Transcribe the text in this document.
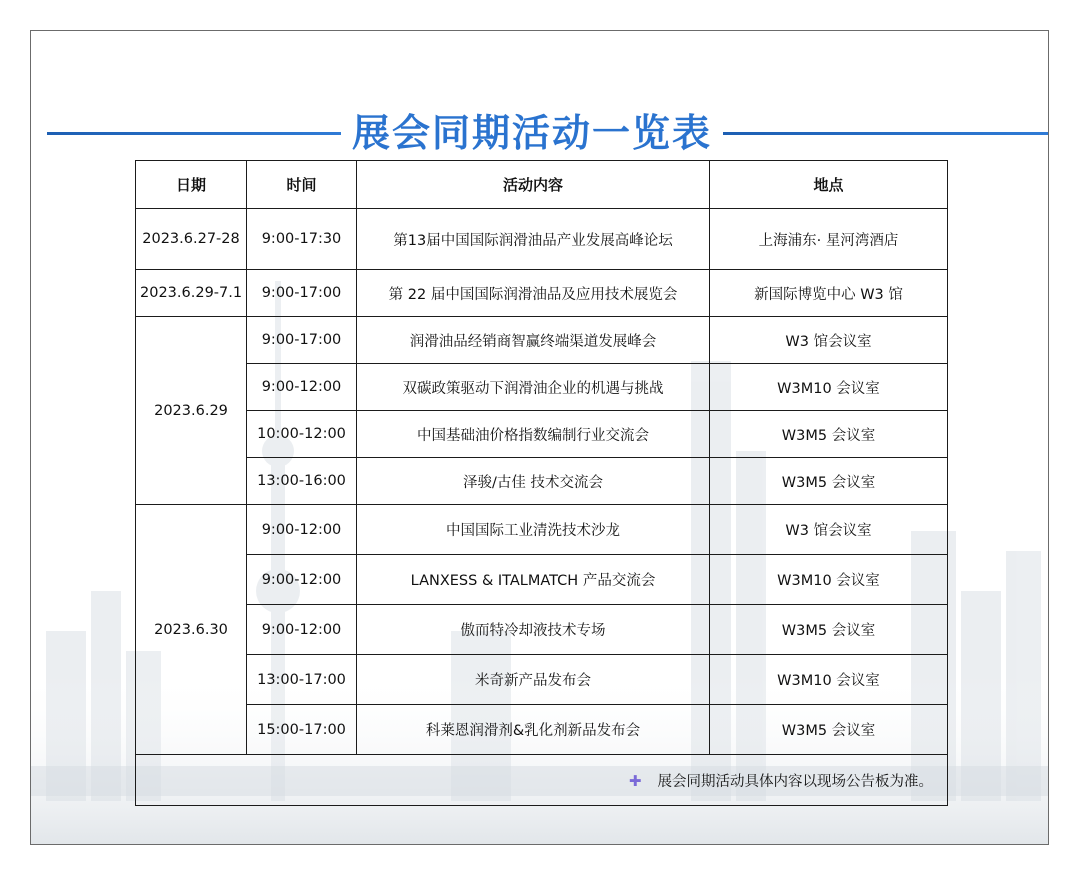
展会同期活动一览表
日期	时间	活动内容	地点
2023.6.27-28	9:00-17:30	第13届中国国际润滑油品产业发展高峰论坛	上海浦东· 星河湾酒店
2023.6.29-7.1	9:00-17:00	第 22 届中国国际润滑油品及应用技术展览会	新国际博览中心 W3 馆
2023.6.29	9:00-17:00	润滑油品经销商智赢终端渠道发展峰会	W3 馆会议室
	9:00-12:00	双碳政策驱动下润滑油企业的机遇与挑战	W3M10 会议室
	10:00-12:00	中国基础油价格指数编制行业交流会	W3M5 会议室
	13:00-16:00	泽骏/古佳 技术交流会	W3M5 会议室
2023.6.30	9:00-12:00	中国国际工业清洗技术沙龙	W3 馆会议室
	9:00-12:00	LANXESS & ITALMATCH 产品交流会	W3M10 会议室
	9:00-12:00	傲而特冷却液技术专场	W3M5 会议室
	13:00-17:00	米奇新产品发布会	W3M10 会议室
	15:00-17:00	科莱恩润滑剂&乳化剂新品发布会	W3M5 会议室
✚ 展会同期活动具体内容以现场公告板为准。			
